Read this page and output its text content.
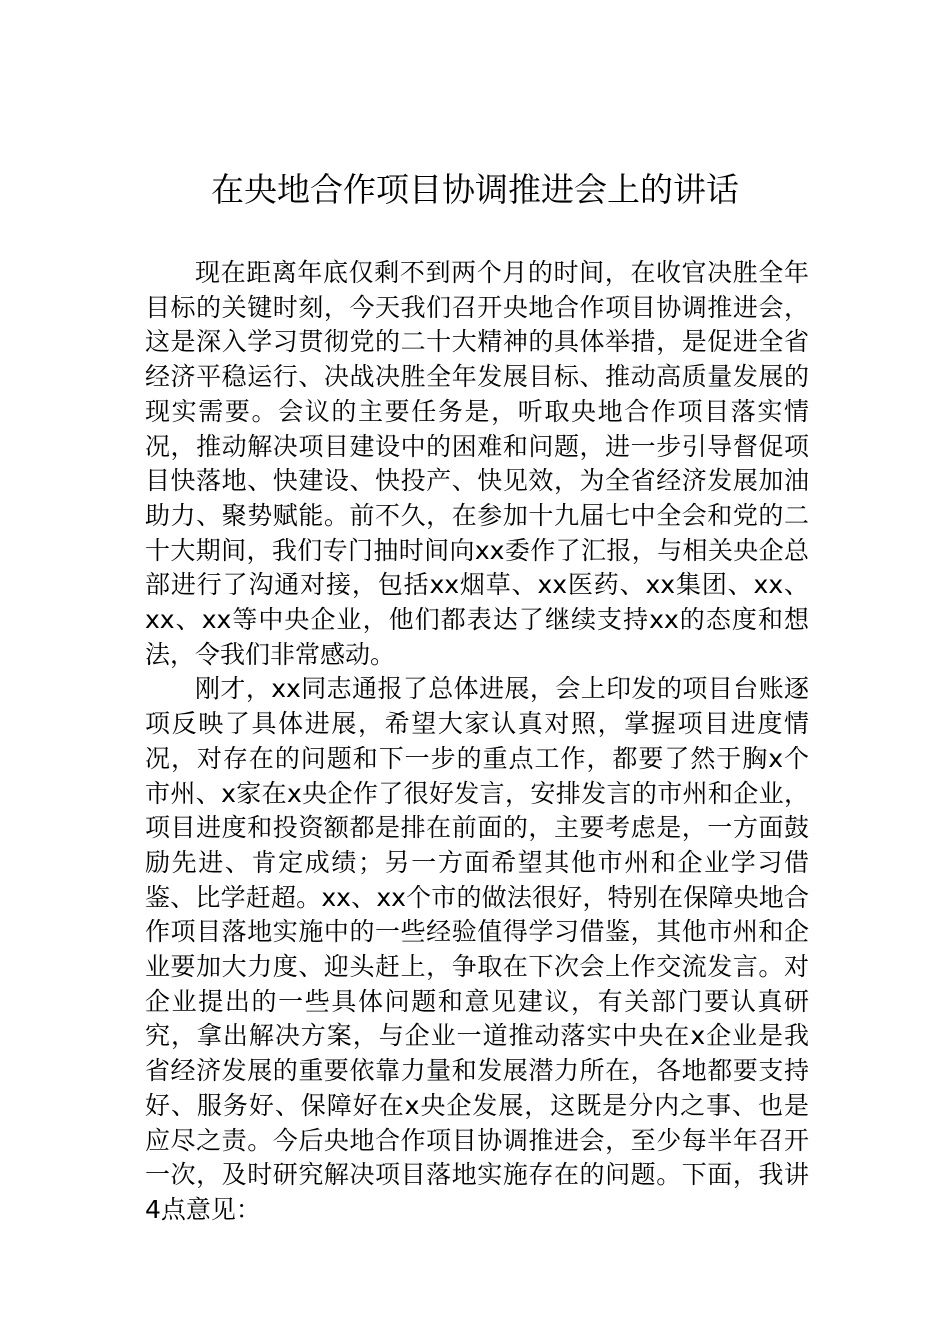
在央地合作项目协调推进会上的讲话

现在距离年底仅剩不到两个月的时间，在收官决胜全年目标的关键时刻，今天我们召开央地合作项目协调推进会，这是深入学习贯彻党的二十大精神的具体举措，是促进全省经济平稳运行、决战决胜全年发展目标、推动高质量发展的现实需要。会议的主要任务是，听取央地合作项目落实情况，推动解决项目建设中的困难和问题，进一步引导督促项目快落地、快建设、快投产、快见效，为全省经济发展加油助力、聚势赋能。前不久，在参加十九届七中全会和党的二十大期间，我们专门抽时间向xx委作了汇报，与相关央企总部进行了沟通对接，包括xx烟草、xx医药、xx集团、xx、xx、xx等中央企业，他们都表达了继续支持xx的态度和想法，令我们非常感动。

刚才，xx同志通报了总体进展，会上印发的项目台账逐项反映了具体进展，希望大家认真对照，掌握项目进度情况，对存在的问题和下一步的重点工作，都要了然于胸x个市州、x家在x央企作了很好发言，安排发言的市州和企业，项目进度和投资额都是排在前面的，主要考虑是，一方面鼓励先进、肯定成绩；另一方面希望其他市州和企业学习借鉴、比学赶超。xx、xx个市的做法很好，特别在保障央地合作项目落地实施中的一些经验值得学习借鉴，其他市州和企业要加大力度、迎头赶上，争取在下次会上作交流发言。对企业提出的一些具体问题和意见建议，有关部门要认真研究，拿出解决方案，与企业一道推动落实中央在x企业是我省经济发展的重要依靠力量和发展潜力所在，各地都要支持好、服务好、保障好在x央企发展，这既是分内之事、也是应尽之责。今后央地合作项目协调推进会，至少每半年召开一次，及时研究解决项目落地实施存在的问题。下面，我讲4点意见：
